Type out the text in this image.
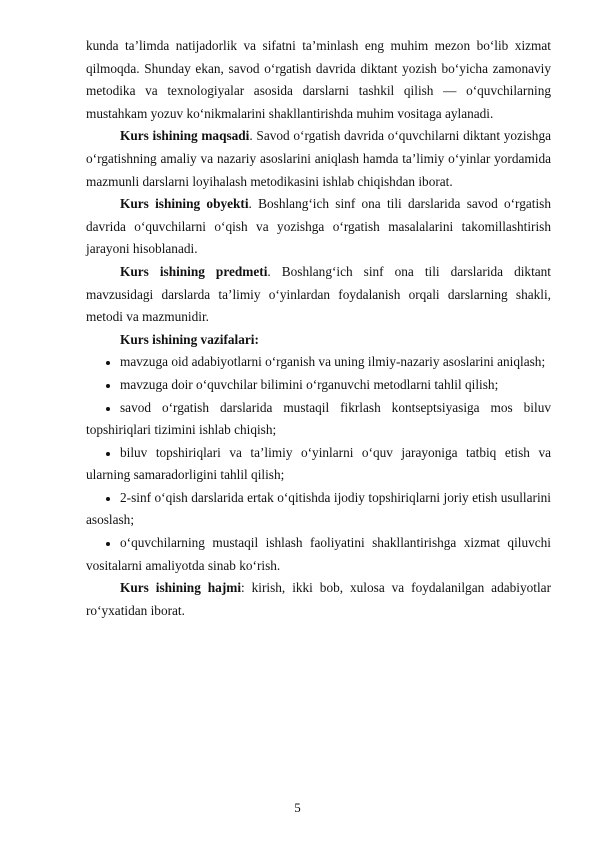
kunda ta’limda natijadorlik va sifatni ta’minlash eng muhim mezon bo‘lib xizmat qilmoqda. Shunday ekan, savod o‘rgatish davrida diktant yozish bo‘yicha zamonaviy metodika va texnologiyalar asosida darslarni tashkil qilish — o‘quvchilarning mustahkam yozuv ko‘nikmalarini shakllantirishda muhim vositaga aylanadi.

Kurs ishining maqsadi. Savod o‘rgatish davrida o‘quvchilarni diktant yozishga o‘rgatishning amaliy va nazariy asoslarini aniqlash hamda ta’limiy o‘yinlar yordamida mazmunli darslarni loyihalash metodikasini ishlab chiqishdan iborat.

Kurs ishining obyekti. Boshlang‘ich sinf ona tili darslarida savod o‘rgatish davrida o‘quvchilarni o‘qish va yozishga o‘rgatish masalalarini takomillashtirish jarayoni hisoblanadi.

Kurs ishining predmeti. Boshlang‘ich sinf ona tili darslarida diktant mavzusidagi darslarda ta’limiy o‘yinlardan foydalanish orqali darslarning shakli, metodi va mazmunidir.

Kurs ishining vazifalari:

mavzuga oid adabiyotlarni o‘rganish va uning ilmiy-nazariy asoslarini aniqlash;

mavzuga doir o‘quvchilar bilimini o‘rganuvchi metodlarni tahlil qilish;

savod o‘rgatish darslarida mustaqil fikrlash kontseptsiyasiga mos biluv topshiriqlari tizimini ishlab chiqish;

biluv topshiriqlari va ta’limiy o‘yinlarni o‘quv jarayoniga tatbiq etish va ularning samaradorligini tahlil qilish;

2-sinf o‘qish darslarida ertak o‘qitishda ijodiy topshiriqlarni joriy etish usullarini asoslash;

o‘quvchilarning mustaqil ishlash faoliyatini shakllantirishga xizmat qiluvchi vositalarni amaliyotda sinab ko‘rish.

Kurs ishining hajmi: kirish, ikki bob, xulosa va foydalanilgan adabiyotlar ro‘yxatidan iborat.

5
